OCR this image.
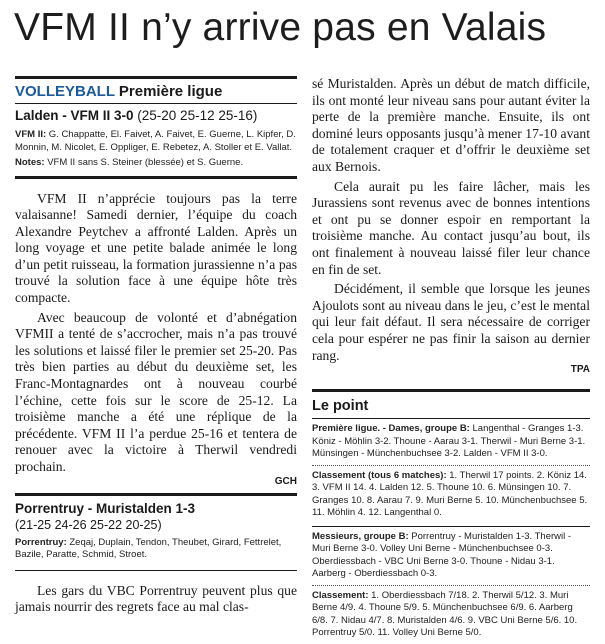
VFM II n’y arrive pas en Valais
VOLLEYBALL Première ligue
Lalden - VFM II 3-0 (25-20 25-12 25-16)
VFM II: G. Chappatte, El. Faivet, A. Faivet, E. Guerne, L. Kipfer, D. Monnin, M. Nicolet, E. Oppliger, E. Rebetez, A. Stoller et E. Vallat.
Notes: VFM II sans S. Steiner (blessée) et S. Guerne.

VFM II n’apprécie toujours pas la terre valaisanne! Samedi dernier, l’équipe du coach Alexandre Peytchev a affronté Lalden. Après un long voyage et une petite balade animée le long d’un petit ruisseau, la formation jurassienne n’a pas trouvé la solution face à une équipe hôte très compacte.

Avec beaucoup de volonté et d’abnégation VFMII a tenté de s’accrocher, mais n’a pas trouvé les solutions et laissé filer le premier set 25-20. Pas très bien parties au début du deuxième set, les Franc-Montagnardes ont à nouveau courbé l’échine, cette fois sur le score de 25-12. La troisième manche a été une réplique de la précédente. VFM II l’a perdue 25-16 et tentera de renouer avec la victoire à Therwil vendredi prochain.

GCH
Porrentruy - Muristalden 1-3
(21-25 24-26 25-22 20-25)
Porrentruy: Zeqaj, Duplain, Tendon, Theubet, Girard, Fettrelet, Bazile, Paratte, Schmid, Stroet.

Les gars du VBC Porrentruy peuvent plus que jamais nourrir des regrets face au mal clas-

sé Muristalden. Après un début de match difficile, ils ont monté leur niveau sans pour autant éviter la perte de la première manche. Ensuite, ils ont dominé leurs opposants jusqu’à mener 17-10 avant de totalement craquer et d’offrir le deuxième set aux Bernois.

Cela aurait pu les faire lâcher, mais les Jurassiens sont revenus avec de bonnes intentions et ont pu se donner espoir en remportant la troisième manche. Au contact jusqu’au bout, ils ont finalement à nouveau laissé filer leur chance en fin de set.

Décidément, il semble que lorsque les jeunes Ajoulots sont au niveau dans le jeu, c’est le mental qui leur fait défaut. Il sera nécessaire de corriger cela pour espérer ne pas finir la saison au dernier rang.

TPA
Le point
Première ligue. - Dames, groupe B: Langenthal - Granges 1-3. Köniz - Möhlin 3-2. Thoune - Aarau 3-1. Therwil - Muri Berne 3-1. Münsingen - Münchenbuchsee 3-2. Lalden - VFM II 3-0.
Classement (tous 6 matches): 1. Therwil 17 points. 2. Köniz 14. 3. VFM II 14. 4. Lalden 12. 5. Thoune 10. 6. Münsingen 10. 7. Granges 10. 8. Aarau 7. 9. Muri Berne 5. 10. Münchenbuchsee 5. 11. Möhlin 4. 12. Langenthal 0.
Messieurs, groupe B: Porrentruy - Muristalden 1-3. Therwil - Muri Berne 3-0. Volley Uni Berne - Münchenbuchsee 0-3. Oberdiessbach - VBC Uni Berne 3-0. Thoune - Nidau 3-1. Aarberg - Oberdiessbach 0-3.
Classement: 1. Oberdiessbach 7/18. 2. Therwil 5/12. 3. Muri Berne 4/9. 4. Thoune 5/9. 5. Münchenbuchsee 6/9. 6. Aarberg 6/8. 7. Nidau 4/7. 8. Muristalden 4/6. 9. VBC Uni Berne 5/6. 10. Porrentruy 5/0. 11. Volley Uni Berne 5/0.
